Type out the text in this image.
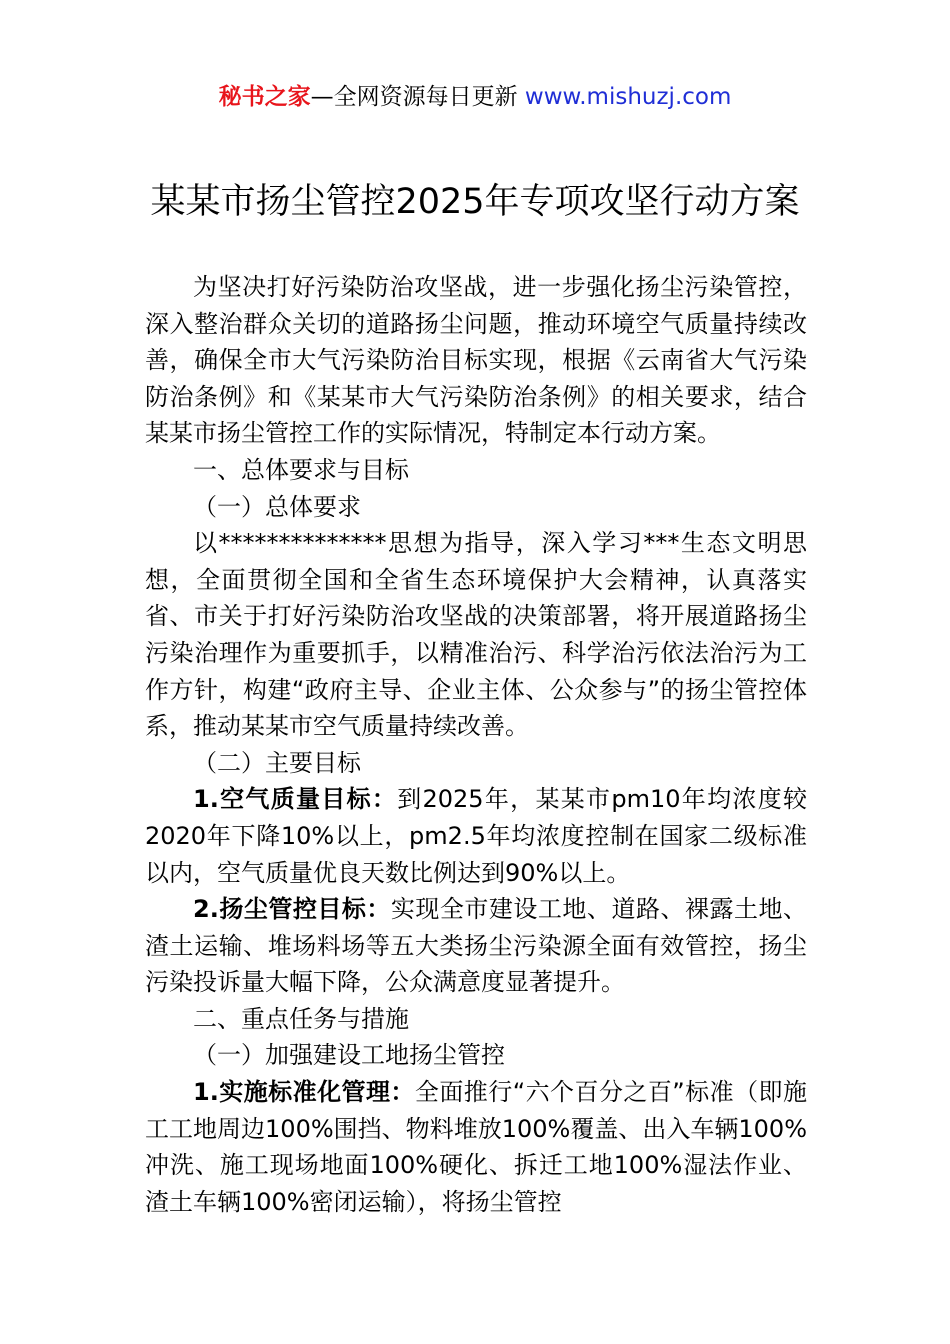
秘书之家—全网资源每日更新 www.mishuzj.com
某某市扬尘管控2025年专项攻坚行动方案

为坚决打好污染防治攻坚战，进一步强化扬尘污染管控，深入整治群众关切的道路扬尘问题，推动环境空气质量持续改善，确保全市大气污染防治目标实现，根据《云南省大气污染防治条例》和《某某市大气污染防治条例》的相关要求，结合某某市扬尘管控工作的实际情况，特制定本行动方案。

一、总体要求与目标

（一）总体要求

以**************思想为指导，深入学习***生态文明思想，全面贯彻全国和全省生态环境保护大会精神，认真落实省、市关于打好污染防治攻坚战的决策部署，将开展道路扬尘污染治理作为重要抓手，以精准治污、科学治污依法治污为工作方针，构建“政府主导、企业主体、公众参与”的扬尘管控体系，推动某某市空气质量持续改善。

（二）主要目标

1.空气质量目标：到2025年，某某市pm10年均浓度较2020年下降10%以上，pm2.5年均浓度控制在国家二级标准以内，空气质量优良天数比例达到90%以上。

2.扬尘管控目标：实现全市建设工地、道路、裸露土地、渣土运输、堆场料场等五大类扬尘污染源全面有效管控，扬尘污染投诉量大幅下降，公众满意度显著提升。

二、重点任务与措施

（一）加强建设工地扬尘管控

1.实施标准化管理：全面推行“六个百分之百”标准（即施工工地周边100%围挡、物料堆放100%覆盖、出入车辆100%冲洗、施工现场地面100%硬化、拆迁工地100%湿法作业、渣土车辆100%密闭运输），将扬尘管控
